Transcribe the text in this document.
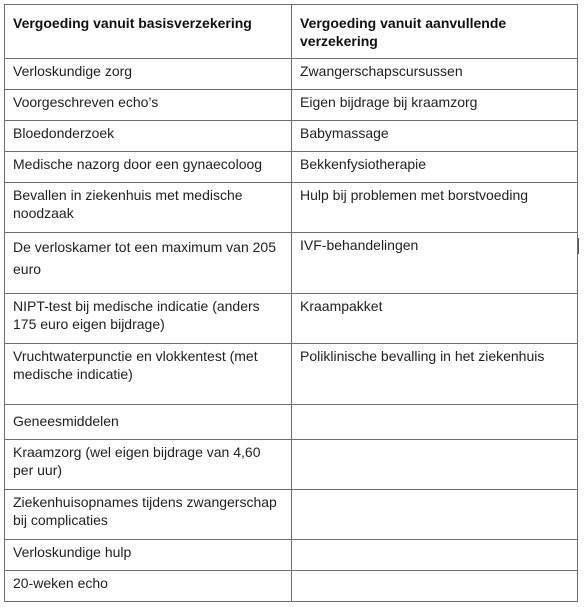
Vergoeding vanuit basisverzekering	Vergoeding vanuit aanvullende verzekering
Verloskundige zorg	Zwangerschapscursussen
Voorgeschreven echo’s	Eigen bijdrage bij kraamzorg
Bloedonderzoek	Babymassage
Medische nazorg door een gynaecoloog	Bekkenfysiotherapie
Bevallen in ziekenhuis met medische noodzaak	Hulp bij problemen met borstvoeding
De verloskamer tot een maximum van 205 euro	IVF-behandelingen
NIPT-test bij medische indicatie (anders 175 euro eigen bijdrage)	Kraampakket
Vruchtwaterpunctie en vlokkentest (met medische indicatie)	Poliklinische bevalling in het ziekenhuis
Geneesmiddelen	
Kraamzorg (wel eigen bijdrage van 4,60 per uur)	
Ziekenhuisopnames tijdens zwangerschap bij complicaties	
Verloskundige hulp	
20-weken echo	
